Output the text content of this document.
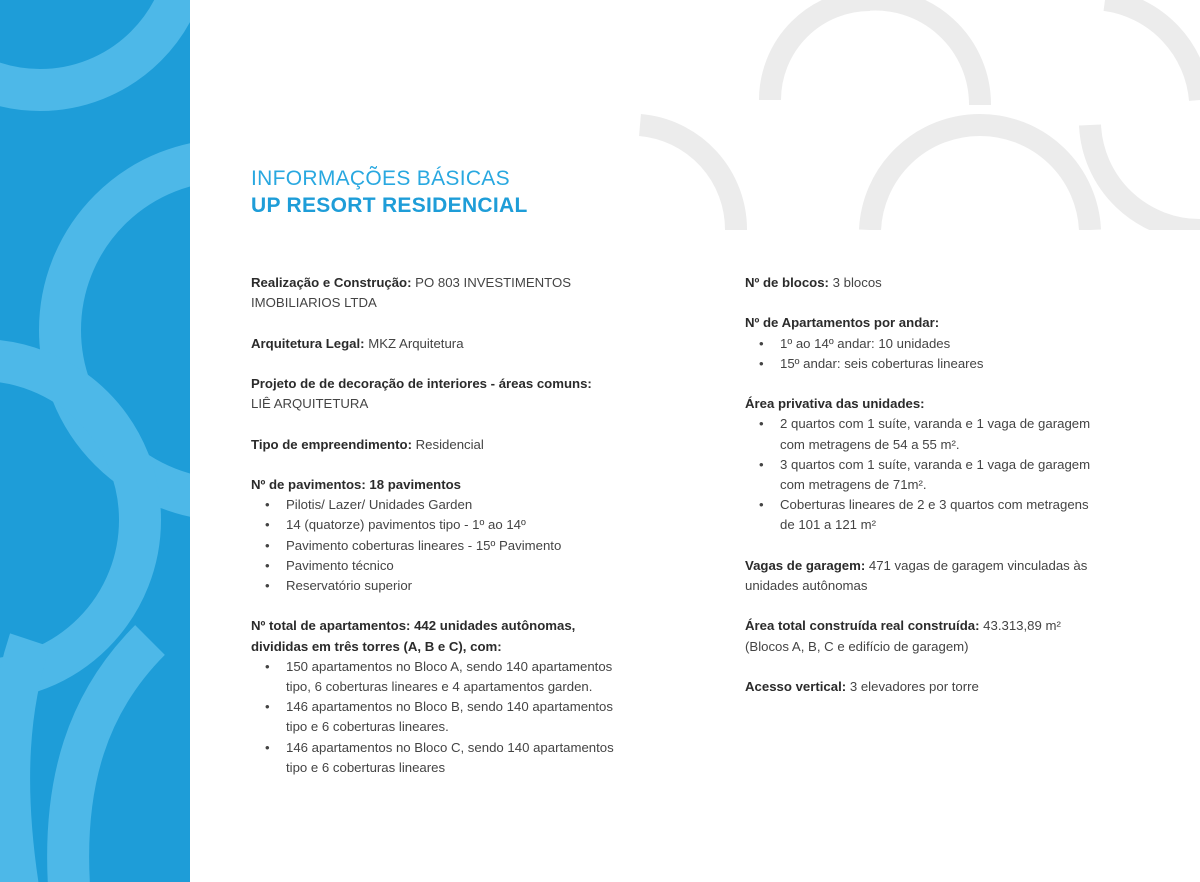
INFORMAÇÕES BÁSICAS
UP RESORT RESIDENCIAL
Realização e Construção: PO 803 INVESTIMENTOS IMOBILIARIOS LTDA
Arquitetura Legal: MKZ Arquitetura
Projeto de de decoração de interiores - áreas comuns:
LIÊ ARQUITETURA
Tipo de empreendimento: Residencial
Nº de pavimentos: 18 pavimentos
• Pilotis/ Lazer/ Unidades Garden
• 14 (quatorze) pavimentos tipo - 1º ao 14º
• Pavimento coberturas lineares - 15º Pavimento
• Pavimento técnico
• Reservatório superior
Nº total de apartamentos: 442 unidades autônomas, divididas em três torres (A, B e C), com:
• 150 apartamentos no Bloco A, sendo 140 apartamentos tipo, 6 coberturas lineares e 4 apartamentos garden.
• 146 apartamentos no Bloco B, sendo 140 apartamentos tipo e 6 coberturas lineares.
• 146 apartamentos no Bloco C, sendo 140 apartamentos tipo e 6 coberturas lineares
Nº de blocos: 3 blocos
Nº de Apartamentos por andar:
• 1º ao 14º andar: 10 unidades
• 15º andar: seis coberturas lineares
Área privativa das unidades:
• 2 quartos com 1 suíte, varanda e 1 vaga de garagem com metragens de 54 a 55 m².
• 3 quartos com 1 suíte, varanda e 1 vaga de garagem com metragens de 71m².
• Coberturas lineares de 2 e 3 quartos com metragens de 101 a 121 m²
Vagas de garagem: 471 vagas de garagem vinculadas às unidades autônomas
Área total construída real construída: 43.313,89 m² (Blocos A, B, C e edifício de garagem)
Acesso vertical: 3 elevadores por torre
